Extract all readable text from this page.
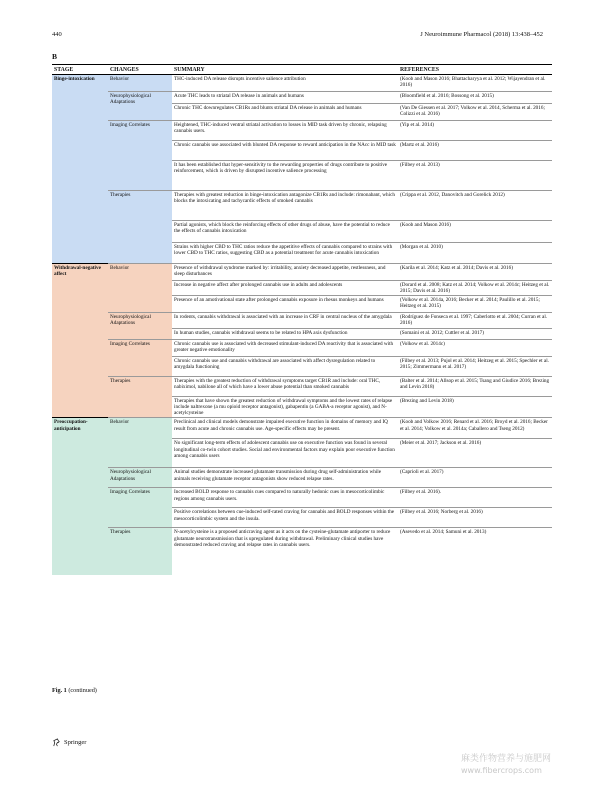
440	J Neuroimmune Pharmacol (2018) 13:438–452
B
STAGE	CHANGES	SUMMARY	REFERENCES
Binge-intoxication	Behavior	THC-induced DA release disrupts incentive salience attribution	(Koob and Mason 2016; Bhattacharyya et al. 2012; Wijayendran et al. 2016)
	Neurophysiological Adaptations	Acute THC leads to striatal DA release in animals and humans	(Bloomfield et al. 2016; Bossong et al. 2015)
		Chronic THC downregulates CB1Rs and blunts striatal DA release in animals and humans	(Van De Giessen et al. 2017; Volkow et al. 2014, Scherma et al. 2016; Colizzi et al. 2016)
	Imaging Correlates	Heightened, THC-induced ventral striatal activation to losses in MID task driven by chronic, relapsing cannabis users.	(Yip et al. 2014)
		Chronic cannabis use associated with blunted DA response to reward anticipation in the NAcc in MID task	(Martz et al. 2016)
		It has been established that hyper-sensitivity to the rewarding properties of drugs contribute to positive reinforcement, which is driven by disrupted incentive salience processing	(Filbey et al. 2013)
	Therapies	Therapies with greatest reduction in binge-intoxication antagonize CB1Rs and include: rimonabant, which blocks the intoxicating and tachycardic effects of smoked cannabis	(Crippa et al. 2012, Danovitch and Gorelick 2012)
		Partial agonists, which block the reinforcing effects of other drugs of abuse, have the potential to reduce the effects of cannabis intoxication	(Koob and Mason 2016)
		Strains with higher CBD to THC ratios reduce the appetitive effects of cannabis compared to strains with lower CBD to THC ratios, suggesting CBD as a potential treatment for acute cannabis intoxication	(Morgan et al. 2010)
Withdrawal-negative affect	Behavior	Presence of withdrawal syndrome marked by: irritability, anxiety decreased appetite, restlessness, and sleep disturbances	(Karila et al. 2014; Katz et al. 2014; Davis et al. 2016)
		Increase in negative affect after prolonged cannabis use in adults and adolescents	(Dorard et al. 2008; Katz et al. 2014; Volkow et al. 2014c; Heitzeg et al. 2015; Davis et al. 2016)
		Presence of an amotivational state after prolonged cannabis exposure in rhesus monkeys and humans	(Volkow et al. 2014a, 2016; Becker et al. 2014; Paulillo et al. 2015; Heitzeg et al. 2015)
	Neurophysiological Adaptations	In rodents, cannabis withdrawal is associated with an increase in CRF in central nucleus of the amygdala	(Rodríguez de Fonseca et al. 1997; Caberlotto et al. 2004; Curran et al. 2016)
		In human studies, cannabis withdrawal seems to be related to HPA axis dysfunction	(Somaini et al. 2012; Cuttler et al. 2017)
	Imaging Correlates	Chronic cannabis use is associated with decreased stimulant-induced DA reactivity that is associated with greater negative emotionality	(Volkow et al. 2014c)
		Chronic cannabis use and cannabis withdrawal are associated with affect dysregulation related to amygdala functioning	(Filbey et al. 2013; Pujol et al. 2014; Heitzeg et al. 2015; Spechler et al. 2015; Zimmermann et al. 2017)
	Therapies	Therapies with the greatest reduction of withdrawal symptoms target CB1R and include: oral THC, nabiximol, nabilone all of which have a lower abuse potential than smoked cannabis	(Balter et al. 2014; Allsop et al. 2015; Tsang and Giudice 2016; Brezing and Levin 2018)
		Therapies that have shown the greatest reduction of withdrawal symptoms and the lowest rates of relapse include naltrexone (a mu opioid receptor antagonist), gabapentin (a GABA-a receptor agonist), and N-acetylcysteine	(Brezing and Levin 2018)
Preoccupation-anticipation	Behavior	Preclinical and clinical models demonstrate impaired executive function in domains of memory and IQ result from acute and chronic cannabis use. Age-specific effects may be present.	(Koob and Volkow 2016; Renard et al. 2016; Broyd et al. 2016; Becker et al. 2014; Volkow et al. 2014a; Caballero and Tseng 2012)
		No significant long-term effects of adolescent cannabis use on executive function was found in several longitudinal co-twin cohort studies. Social and environmental factors may explain poor executive function among cannabis users	(Meier et al. 2017; Jackson et al. 2016)
	Neurophysiological Adaptations	Animal studies demonstrate increased glutamate transmission during drug self-administration while animals receiving glutamate receptor antagonists show reduced relapse rates.	(Caprioli et al. 2017)
	Imaging Correlates	Increased BOLD response to cannabis cues compared to naturally hedonic cues in mesocorticolimbic regions among cannabis users.	(Filbey et al. 2016).
		Positive correlations between cue-induced self-rated craving for cannabis and BOLD responses within the mesocorticolimbic system and the insula.	(Filbey et al. 2016; Norberg et al. 2016)
	Therapies	N-acetylcysteine is a proposed anticraving agent as it acts on the cysteine-glutamate antiporter to reduce glutamate neurotransmission that is upregulated during withdrawal. Preliminary clinical studies have demonstrated reduced craving and relapse rates in cannabis users.	(Asevedo et al. 2014; Samuni et al. 2013)
Fig. 1 (continued)
Springer
麻类作物营养与施肥网
www.fibercrops.com
